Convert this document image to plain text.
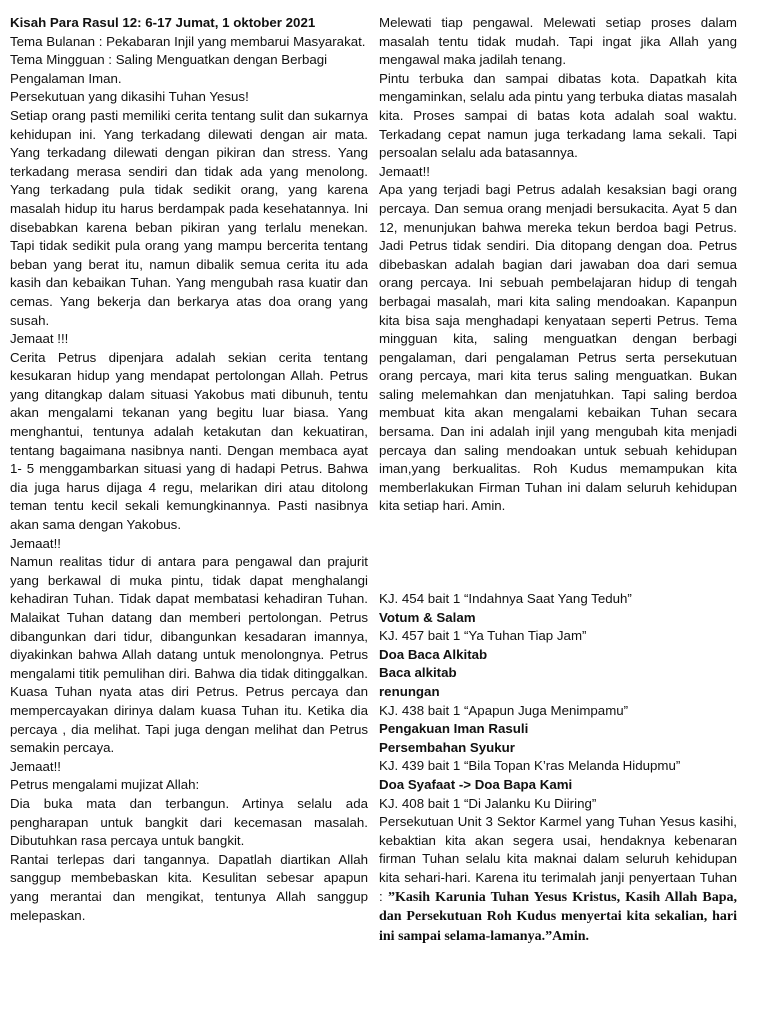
Kisah Para Rasul 12: 6-17 Jumat, 1 oktober 2021

Tema Bulanan : Pekabaran Injil yang membarui Masyarakat.

Tema Mingguan : Saling Menguatkan dengan Berbagi Pengalaman Iman.

Persekutuan yang dikasihi Tuhan Yesus!

Setiap orang pasti memiliki cerita tentang sulit dan sukarnya kehidupan ini. Yang terkadang dilewati dengan air mata. Yang terkadang dilewati dengan pikiran dan stress. Yang terkadang merasa sendiri dan tidak ada yang menolong. Yang terkadang pula tidak sedikit orang, yang karena masalah hidup itu harus berdampak pada kesehatannya. Ini disebabkan karena beban pikiran yang terlalu menekan. Tapi tidak sedikit pula orang yang mampu bercerita tentang beban yang berat itu, namun dibalik semua cerita itu ada kasih dan kebaikan Tuhan. Yang mengubah rasa kuatir dan cemas. Yang bekerja dan berkarya atas doa orang yang susah.

Jemaat !!!

Cerita Petrus dipenjara adalah sekian cerita tentang kesukaran hidup yang mendapat pertolongan Allah. Petrus yang ditangkap dalam situasi Yakobus mati dibunuh, tentu akan mengalami tekanan yang begitu luar biasa. Yang menghantui, tentunya adalah ketakutan dan kekuatiran, tentang bagaimana nasibnya nanti. Dengan membaca ayat 1- 5 menggambarkan situasi yang di hadapi Petrus. Bahwa dia juga harus dijaga 4 regu, melarikan diri atau ditolong teman tentu kecil sekali kemungkinannya. Pasti nasibnya akan sama dengan Yakobus.

Jemaat!!

Namun realitas tidur di antara para pengawal dan prajurit yang berkawal di muka pintu, tidak dapat menghalangi kehadiran Tuhan. Tidak dapat membatasi kehadiran Tuhan. Malaikat Tuhan datang dan memberi pertolongan. Petrus dibangunkan dari tidur, dibangunkan kesadaran imannya, diyakinkan bahwa Allah datang untuk menolongnya. Petrus mengalami titik pemulihan diri. Bahwa dia tidak ditinggalkan. Kuasa Tuhan nyata atas diri Petrus. Petrus percaya dan mempercayakan dirinya dalam kuasa Tuhan itu. Ketika dia percaya , dia melihat. Tapi juga dengan melihat dan Petrus semakin percaya.

Jemaat!!

Petrus mengalami mujizat Allah:

Dia buka mata dan terbangun. Artinya selalu ada pengharapan untuk bangkit dari kecemasan masalah. Dibutuhkan rasa percaya untuk bangkit.

Rantai terlepas dari tangannya. Dapatlah diartikan Allah sanggup membebaskan kita. Kesulitan sebesar apapun yang merantai dan mengikat, tentunya Allah sanggup melepaskan.

Melewati tiap pengawal. Melewati setiap proses dalam masalah tentu tidak mudah. Tapi ingat jika Allah yang mengawal maka jadilah tenang.

Pintu terbuka dan sampai dibatas kota. Dapatkah kita mengaminkan, selalu ada pintu yang terbuka diatas masalah kita. Proses sampai di batas kota adalah soal waktu. Terkadang cepat namun juga terkadang lama sekali. Tapi persoalan selalu ada batasannya.

Jemaat!!

Apa yang terjadi bagi Petrus adalah kesaksian bagi orang percaya. Dan semua orang menjadi bersukacita. Ayat 5 dan 12, menunjukan bahwa mereka tekun berdoa bagi Petrus. Jadi Petrus tidak sendiri. Dia ditopang dengan doa. Petrus dibebaskan adalah bagian dari jawaban doa dari semua orang percaya. Ini sebuah pembelajaran hidup di tengah berbagai masalah, mari kita saling mendoakan. Kapanpun kita bisa saja menghadapi kenyataan seperti Petrus. Tema mingguan kita, saling menguatkan dengan berbagi pengalaman, dari pengalaman Petrus serta persekutuan orang percaya, mari kita terus saling menguatkan. Bukan saling melemahkan dan menjatuhkan. Tapi saling berdoa membuat kita akan mengalami kebaikan Tuhan secara bersama. Dan ini adalah injil yang mengubah kita menjadi percaya dan saling mendoakan untuk sebuah kehidupan iman,yang berkualitas. Roh Kudus memampukan kita memberlakukan Firman Tuhan ini dalam seluruh kehidupan kita setiap hari. Amin.

KJ. 454 bait 1 “Indahnya Saat Yang Teduh”

Votum & Salam

KJ. 457 bait 1 “Ya Tuhan Tiap Jam”

Doa Baca Alkitab

Baca alkitab

renungan

KJ. 438 bait 1 “Apapun Juga Menimpamu”

Pengakuan Iman Rasuli

Persembahan Syukur

KJ. 439 bait 1 “Bila Topan K’ras Melanda Hidupmu”

Doa Syafaat -> Doa Bapa Kami

KJ. 408 bait 1 “Di Jalanku Ku Diiring”

Persekutuan Unit 3 Sektor Karmel yang Tuhan Yesus kasihi, kebaktian kita akan segera usai, hendaknya kebenaran firman Tuhan selalu kita maknai dalam seluruh kehidupan kita sehari-hari. Karena itu terimalah janji penyertaan Tuhan : ”Kasih Karunia Tuhan Yesus Kristus, Kasih Allah Bapa, dan Persekutuan Roh Kudus menyertai kita sekalian, hari ini sampai selama-lamanya.”Amin.
